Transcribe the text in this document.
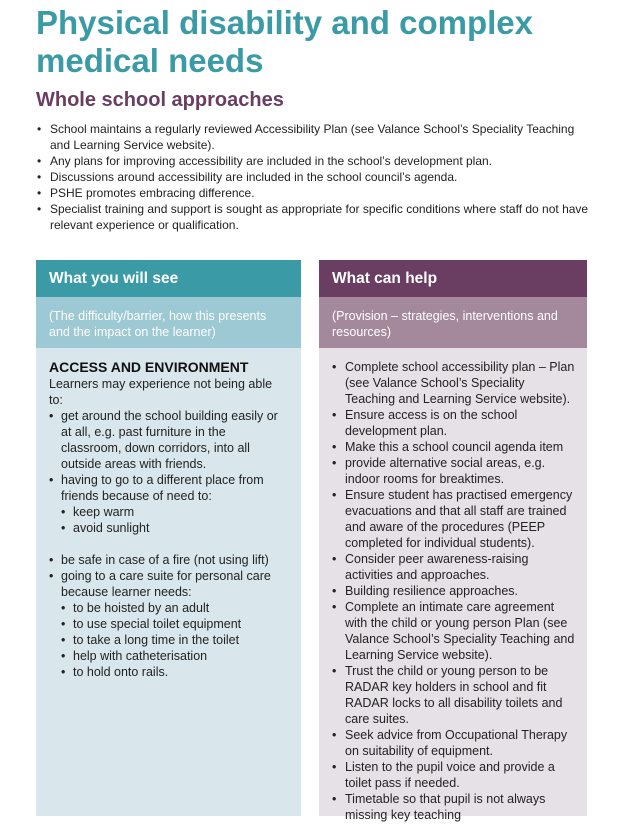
Physical disability and complex medical needs
Whole school approaches
• School maintains a regularly reviewed Accessibility Plan (see Valance School’s Speciality Teaching and Learning Service website).
• Any plans for improving accessibility are included in the school’s development plan.
• Discussions around accessibility are included in the school council’s agenda.
• PSHE promotes embracing difference.
• Specialist training and support is sought as appropriate for specific conditions where staff do not have relevant experience or qualification.
What you will see
(The difficulty/barrier, how this presents and the impact on the learner)
ACCESS AND ENVIRONMENT
Learners may experience not being able to:
• get around the school building easily or at all, e.g. past furniture in the classroom, down corridors, into all outside areas with friends.
• having to go to a different place from friends because of need to:
• keep warm
• avoid sunlight
• be safe in case of a fire (not using lift)
• going to a care suite for personal care because learner needs:
• to be hoisted by an adult
• to use special toilet equipment
• to take a long time in the toilet
• help with catheterisation
• to hold onto rails.
What can help
(Provision – strategies, interventions and resources)
• Complete school accessibility plan – Plan (see Valance School’s Speciality Teaching and Learning Service website).
• Ensure access is on the school development plan.
• Make this a school council agenda item
• provide alternative social areas, e.g. indoor rooms for breaktimes.
• Ensure student has practised emergency evacuations and that all staff are trained and aware of the procedures (PEEP completed for individual students).
• Consider peer awareness-raising activities and approaches.
• Building resilience approaches.
• Complete an intimate care agreement with the child or young person Plan (see Valance School’s Speciality Teaching and Learning Service website).
• Trust the child or young person to be RADAR key holders in school and fit RADAR locks to all disability toilets and care suites.
• Seek advice from Occupational Therapy on suitability of equipment.
• Listen to the pupil voice and provide a toilet pass if needed.
• Timetable so that pupil is not always missing key teaching
